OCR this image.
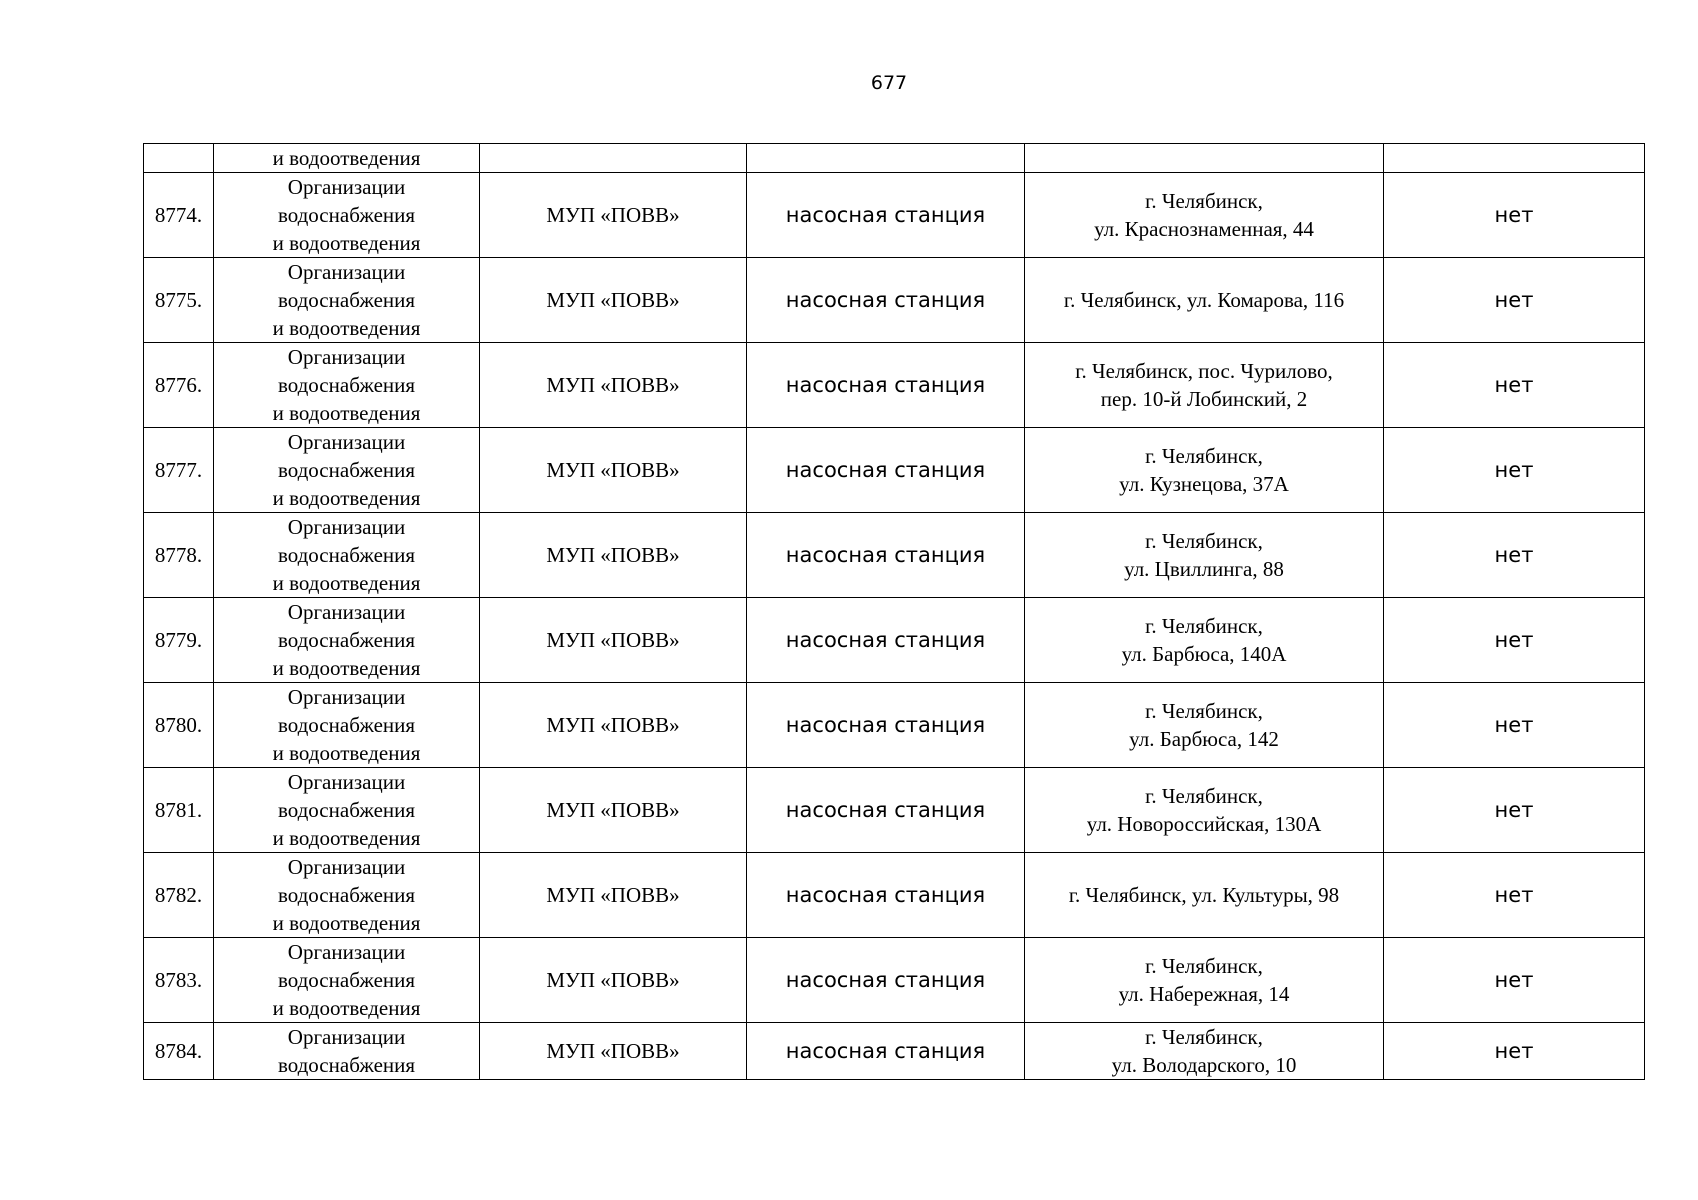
677

	и водоотведения				

8774.	Организации
водоснабжения
и водоотведения	МУП «ПОВВ»	насосная станция	г. Челябинск,
ул. Краснознаменная, 44	нет
8775.	Организации
водоснабжения
и водоотведения	МУП «ПОВВ»	насосная станция	г. Челябинск, ул. Комарова, 116	нет
8776.	Организации
водоснабжения
и водоотведения	МУП «ПОВВ»	насосная станция	г. Челябинск, пос. Чурилово,
пер. 10-й Лобинский, 2	нет
8777.	Организации
водоснабжения
и водоотведения	МУП «ПОВВ»	насосная станция	г. Челябинск,
ул. Кузнецова, 37А	нет
8778.	Организации
водоснабжения
и водоотведения	МУП «ПОВВ»	насосная станция	г. Челябинск,
ул. Цвиллинга, 88	нет
8779.	Организации
водоснабжения
и водоотведения	МУП «ПОВВ»	насосная станция	г. Челябинск,
ул. Барбюса, 140А	нет
8780.	Организации
водоснабжения
и водоотведения	МУП «ПОВВ»	насосная станция	г. Челябинск,
ул. Барбюса, 142	нет
8781.	Организации
водоснабжения
и водоотведения	МУП «ПОВВ»	насосная станция	г. Челябинск,
ул. Новороссийская, 130А	нет
8782.	Организации
водоснабжения
и водоотведения	МУП «ПОВВ»	насосная станция	г. Челябинск, ул. Культуры, 98	нет
8783.	Организации
водоснабжения
и водоотведения	МУП «ПОВВ»	насосная станция	г. Челябинск,
ул. Набережная, 14	нет
8784.	Организации
водоснабжения	МУП «ПОВВ»	насосная станция	г. Челябинск,
ул. Володарского, 10	нет
